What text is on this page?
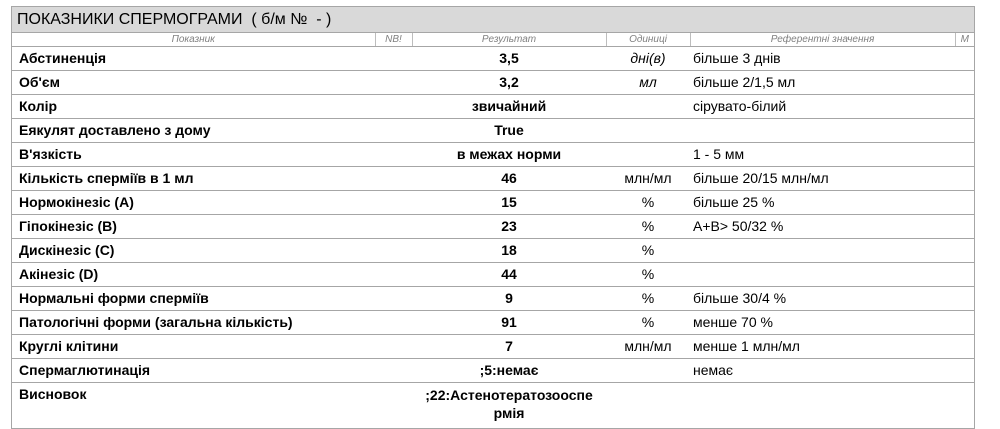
ПОКАЗНИКИ СПЕРМОГРАМИ  ( б/м №  - )
Показник	NB!	Результат	Одиниці	Референтні значення	М
Абстиненція		3,5	дні(в)	більше 3 днів	
Об'єм		3,2	мл	більше 2/1,5 мл	
Колір		звичайний		сірувато-білий	
Еякулят доставлено з дому		True			
В'язкість		в межах норми		1 - 5 мм	
Кількість сперміїв в 1 мл		46	млн/мл	більше 20/15 млн/мл	
Нормокінезіс (А)		15	%	більше 25 %	
Гіпокінезіс (В)		23	%	А+В> 50/32 %	
Дискінезіс (С)		18	%		
Акінезіс (D)		44	%		
Нормальні форми сперміїв		9	%	більше 30/4 %	
Патологічні форми (загальна кількість)		91	%	менше 70 %	
Круглі клітини		7	млн/мл	менше 1 млн/мл	
Спермаглютинація		;5:немає		немає	
Висновок		;22:Астенотератозооспе рмія			
